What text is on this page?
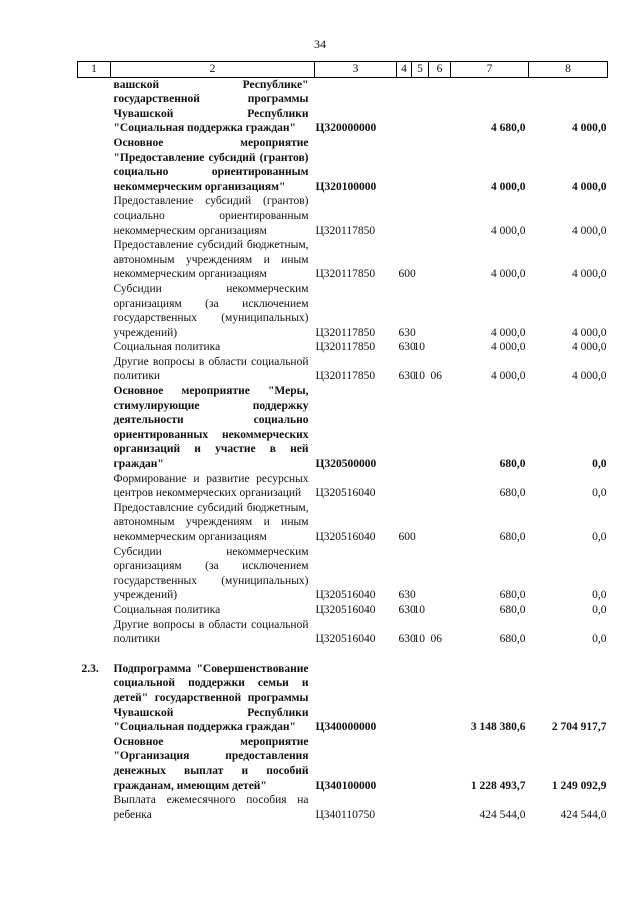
34
1	2	3	4	5	6	7	8
	вашской Республике" государственной программы Чувашской Республики "Социальная поддержка граждан"	Ц320000000				4 680,0	4 000,0
	Основное мероприятие "Предоставление субсидий (грантов) социально ориентированным некоммерческим организациям"	Ц320100000				4 000,0	4 000,0
	Предоставление субсидий (грантов) социально ориентированным некоммерческим организациям	Ц320117850				4 000,0	4 000,0
	Предоставление субсидий бюджетным, автономным учреждениям и иным некоммерческим организациям	Ц320117850	600			4 000,0	4 000,0
	Субсидии некоммерческим организациям (за исключением государственных (муниципальных) учреждений)	Ц320117850	630			4 000,0	4 000,0
	Социальная политика	Ц320117850	630	10		4 000,0	4 000,0
	Другие вопросы в области социальной политики	Ц320117850	630	10	06	4 000,0	4 000,0
	Основное мероприятие "Меры, стимулирующие поддержку деятельности социально ориентированных некоммерческих организаций и участие в ней граждан"	Ц320500000				680,0	0,0
	Формирование и развитие ресурсных центров некоммерческих организаций	Ц320516040				680,0	0,0
	Предоставлсние субсидий бюджетным, автономным учреждениям и иным некоммерческим организациям	Ц320516040	600			680,0	0,0
	Субсидии некоммерческим организациям (за исключением государственных (муниципальных) учреждений)	Ц320516040	630			680,0	0,0
	Социальная политика	Ц320516040	630	10		680,0	0,0
	Другие вопросы в области социальной политики	Ц320516040	630	10	06	680,0	0,0

2.3.	Подпрограмма "Совершенствование социальной поддержки семьи и детей" государственной программы Чувашской Республики "Социальная поддержка граждан"	Ц340000000				3 148 380,6	2 704 917,7
	Основное мероприятие "Организация предоставления денежных выплат и пособий гражданам, имеющим детей"	Ц340100000				1 228 493,7	1 249 092,9
	Выплата ежемесячного пособия на ребенка	Ц340110750				424 544,0	424 544,0
